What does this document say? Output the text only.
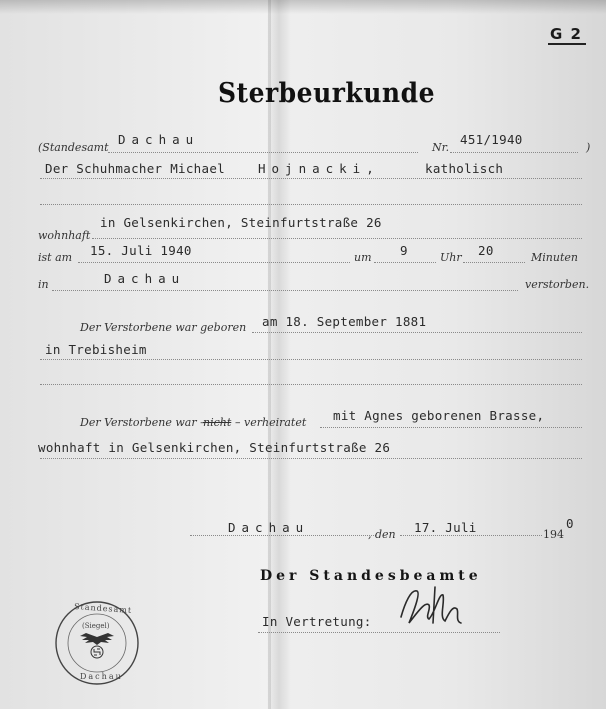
G 2
Sterbeurkunde
(Standesamt
Dachau
Nr.
451/1940
)
Der Schuhmacher Michael	Hojnacki,	katholisch
wohnhaft
in Gelsenkirchen, Steinfurtstraße 26
ist am 15. Juli 1940	um 9	Uhr 20	Minuten
in	Dachau	verstorben.
Der Verstorbene war geboren am 18. September 1881
in Trebisheim
Der Verstorbene war –
nicht – verheiratet mit Agnes geborenen Brasse,
wohnhaft in Gelsenkirchen, Steinfurtstraße 26
Dachau	, den 17. Juli	194
0
Der Standesbeamte
In Vertretung:
Standesamt
(Siegel)
Dachau
